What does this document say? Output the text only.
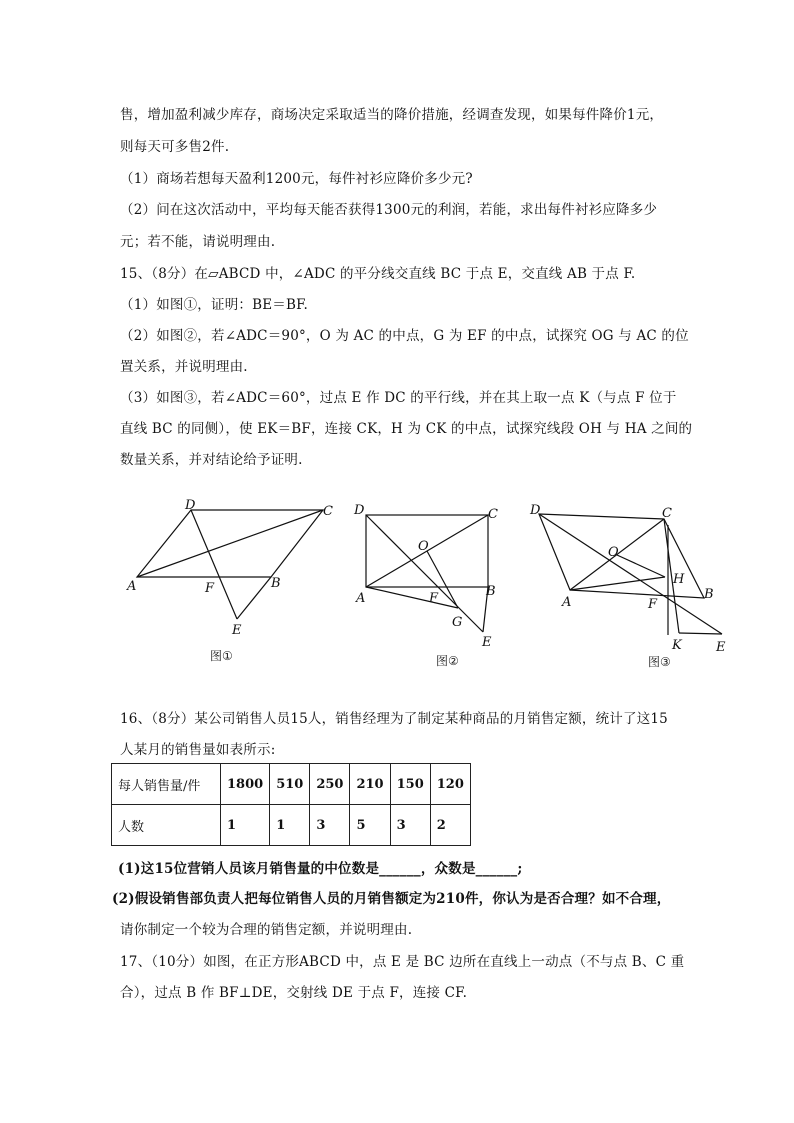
售，增加盈利减少库存，商场决定采取适当的降价措施，经调查发现，如果每件降价1元，
则每天可多售2件.
（1）商场若想每天盈利1200元，每件衬衫应降价多少元?
（2）问在这次活动中，平均每天能否获得1300元的利润，若能，求出每件衬衫应降多少
元；若不能，请说明理由.
15、（8分）在▱ABCD 中，∠ADC 的平分线交直线 BC 于点 E，交直线 AB 于点 F.
（1）如图①，证明：BE＝BF.
（2）如图②，若∠ADC＝90°，O 为 AC 的中点，G 为 EF 的中点，试探究 OG 与 AC 的位
置关系，并说明理由.
（3）如图③，若∠ADC＝60°，过点 E 作 DC 的平行线，并在其上取一点 K（与点 F 位于
直线 BC 的同侧），使 EK＝BF，连接 CK，H 为 CK 的中点，试探究线段 OH 与 HA 之间的
数量关系，并对结论给予证明.
D	C
A	F	B
E
图①
D	C
O
A	F	B
G
E
图②
D	C
O
H
A	F
B
K	E
图③
16、（8分）某公司销售人员15人，销售经理为了制定某种商品的月销售定额，统计了这15
人某月的销售量如表所示:
每人销售量/件	1800	510	250	210	150	120
人数	1	1	3	5	3	2
(1)这15位营销人员该月销售量的中位数是______，众数是______;
(2)假设销售部负责人把每位销售人员的月销售额定为210件，你认为是否合理？如不合理，
请你制定一个较为合理的销售定额，并说明理由.
17、（10分）如图，在正方形ABCD 中，点 E 是 BC 边所在直线上一动点（不与点 B、C 重
合），过点 B 作 BF⊥DE，交射线 DE 于点 F，连接 CF.
